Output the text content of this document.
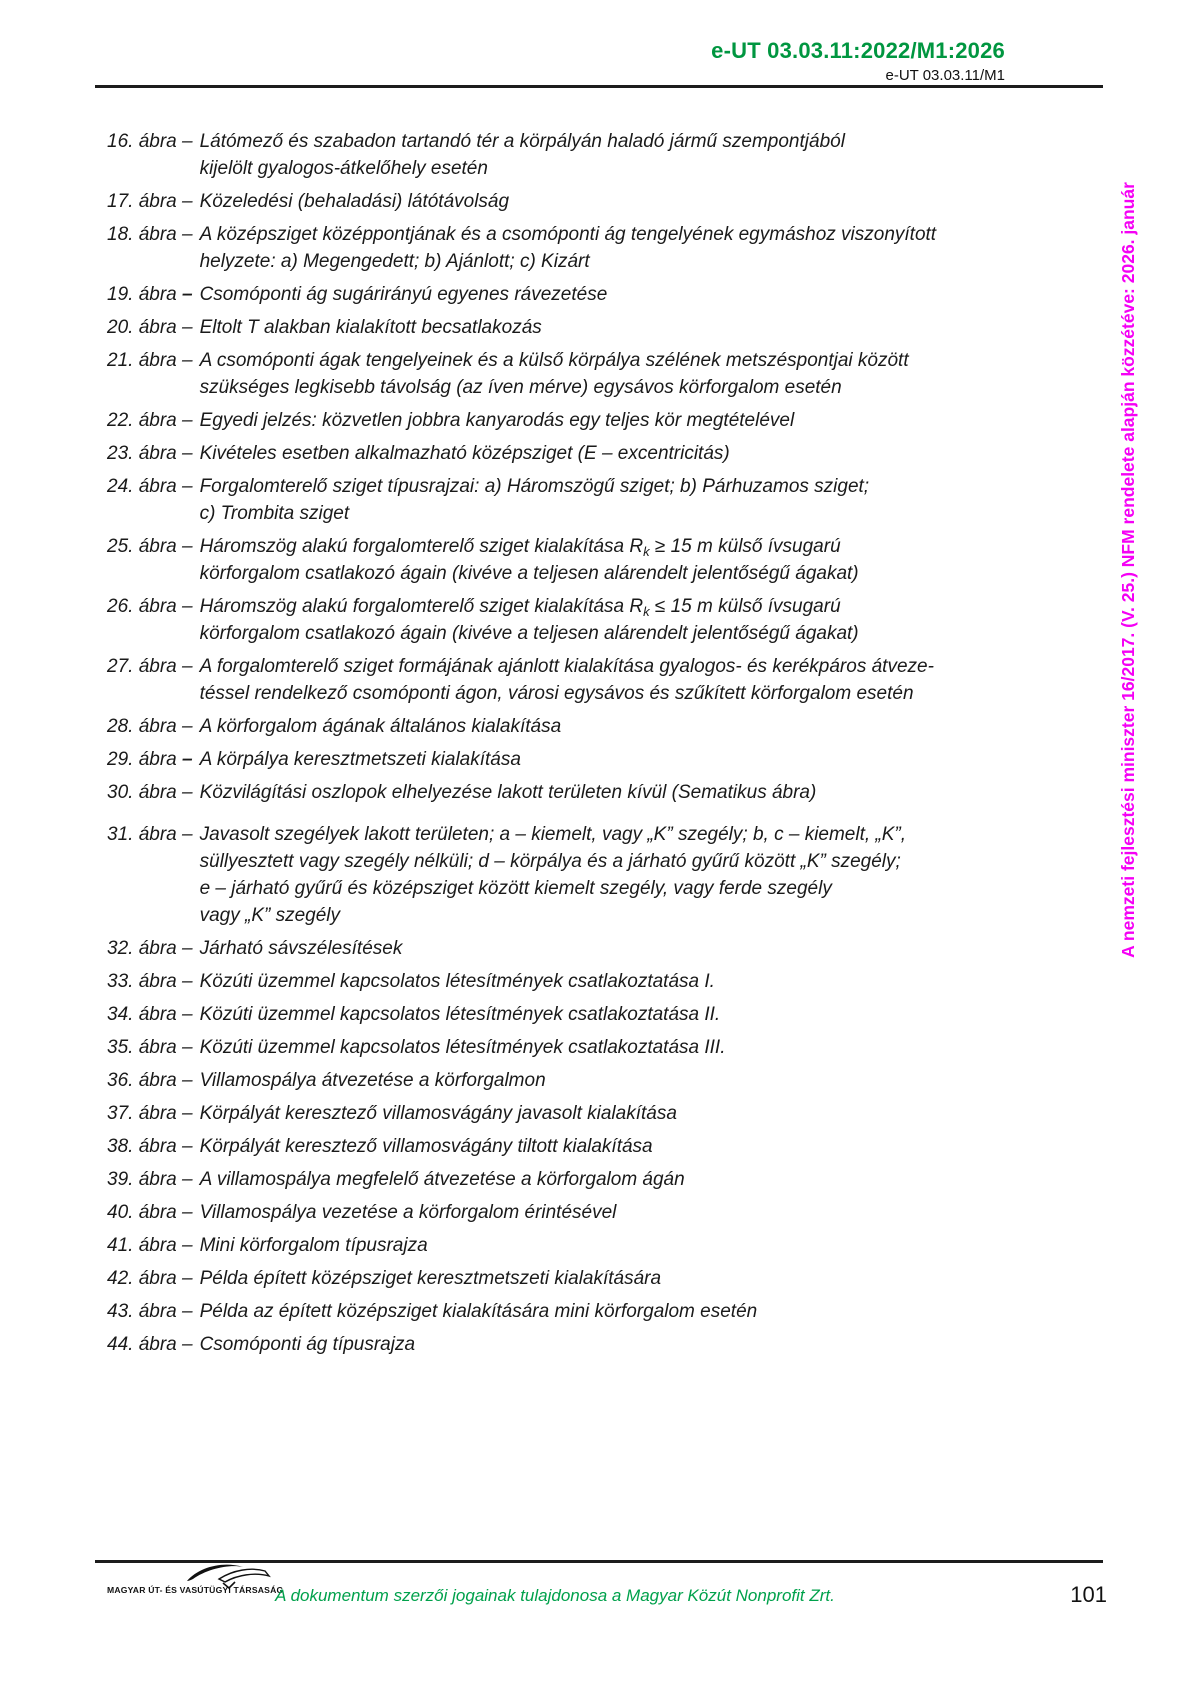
e-UT 03.03.11:2022/M1:2026
e-UT 03.03.11/M1
16. ábra – Látómező és szabadon tartandó tér a körpályán haladó jármű szempontjából
kijelölt gyalogos-átkelőhely esetén
17. ábra – Közeledési (behaladási) látótávolság
18. ábra – A középsziget középpontjának és a csomóponti ág tengelyének egymáshoz viszonyított
helyzete: a) Megengedett; b) Ajánlott; c) Kizárt
19. ábra – Csomóponti ág sugárirányú egyenes rávezetése
20. ábra – Eltolt T alakban kialakított becsatlakozás
21. ábra – A csomóponti ágak tengelyeinek és a külső körpálya szélének metszéspontjai között
szükséges legkisebb távolság (az íven mérve) egysávos körforgalom esetén
22. ábra – Egyedi jelzés: közvetlen jobbra kanyarodás egy teljes kör megtételével
23. ábra – Kivételes esetben alkalmazható középsziget (E – excentricitás)
24. ábra – Forgalomterelő sziget típusrajzai: a) Háromszögű sziget; b) Párhuzamos sziget;
c) Trombita sziget
25. ábra – Háromszög alakú forgalomterelő sziget kialakítása $R_k \ge 15$ m külső ívsugarú
körforgalom csatlakozó ágain (kivéve a teljesen alárendelt jelentőségű ágakat)
26. ábra – Háromszög alakú forgalomterelő sziget kialakítása $R_k \le 15$ m külső ívsugarú
körforgalom csatlakozó ágain (kivéve a teljesen alárendelt jelentőségű ágakat)
27. ábra – A forgalomterelő sziget formájának ajánlott kialakítása gyalogos- és kerékpáros átveze-
téssel rendelkező csomóponti ágon, városi egysávos és szűkített körforgalom esetén
28. ábra – A körforgalom ágának általános kialakítása
29. ábra – A körpálya keresztmetszeti kialakítása
30. ábra – Közvilágítási oszlopok elhelyezése lakott területen kívül (Sematikus ábra)
31. ábra – Javasolt szegélyek lakott területen; a – kiemelt, vagy „K” szegély; b, c – kiemelt, „K”,
süllyesztett vagy szegély nélküli; d – körpálya és a járható gyűrű között „K” szegély;
e – járható gyűrű és középsziget között kiemelt szegély, vagy ferde szegély
vagy „K” szegély
32. ábra – Járható sávszélesítések
33. ábra – Közúti üzemmel kapcsolatos létesítmények csatlakoztatása I.
34. ábra – Közúti üzemmel kapcsolatos létesítmények csatlakoztatása II.
35. ábra – Közúti üzemmel kapcsolatos létesítmények csatlakoztatása III.
36. ábra – Villamospálya átvezetése a körforgalmon
37. ábra – Körpályát keresztező villamosvágány javasolt kialakítása
38. ábra – Körpályát keresztező villamosvágány tiltott kialakítása
39. ábra – A villamospálya megfelelő átvezetése a körforgalom ágán
40. ábra – Villamospálya vezetése a körforgalom érintésével
41. ábra – Mini körforgalom típusrajza
42. ábra – Példa épített középsziget keresztmetszeti kialakítására
43. ábra – Példa az épített középsziget kialakítására mini körforgalom esetén
44. ábra – Csomóponti ág típusrajza
A nemzeti fejlesztési miniszter 16/2017. (V. 25.) NFM rendelete alapján közzétéve: 2026. január
MAGYAR ÚT- ÉS VASÚTÜGYI TÁRSASÁG
A dokumentum szerzői jogainak tulajdonosa a Magyar Közút Nonprofit Zrt.	101
